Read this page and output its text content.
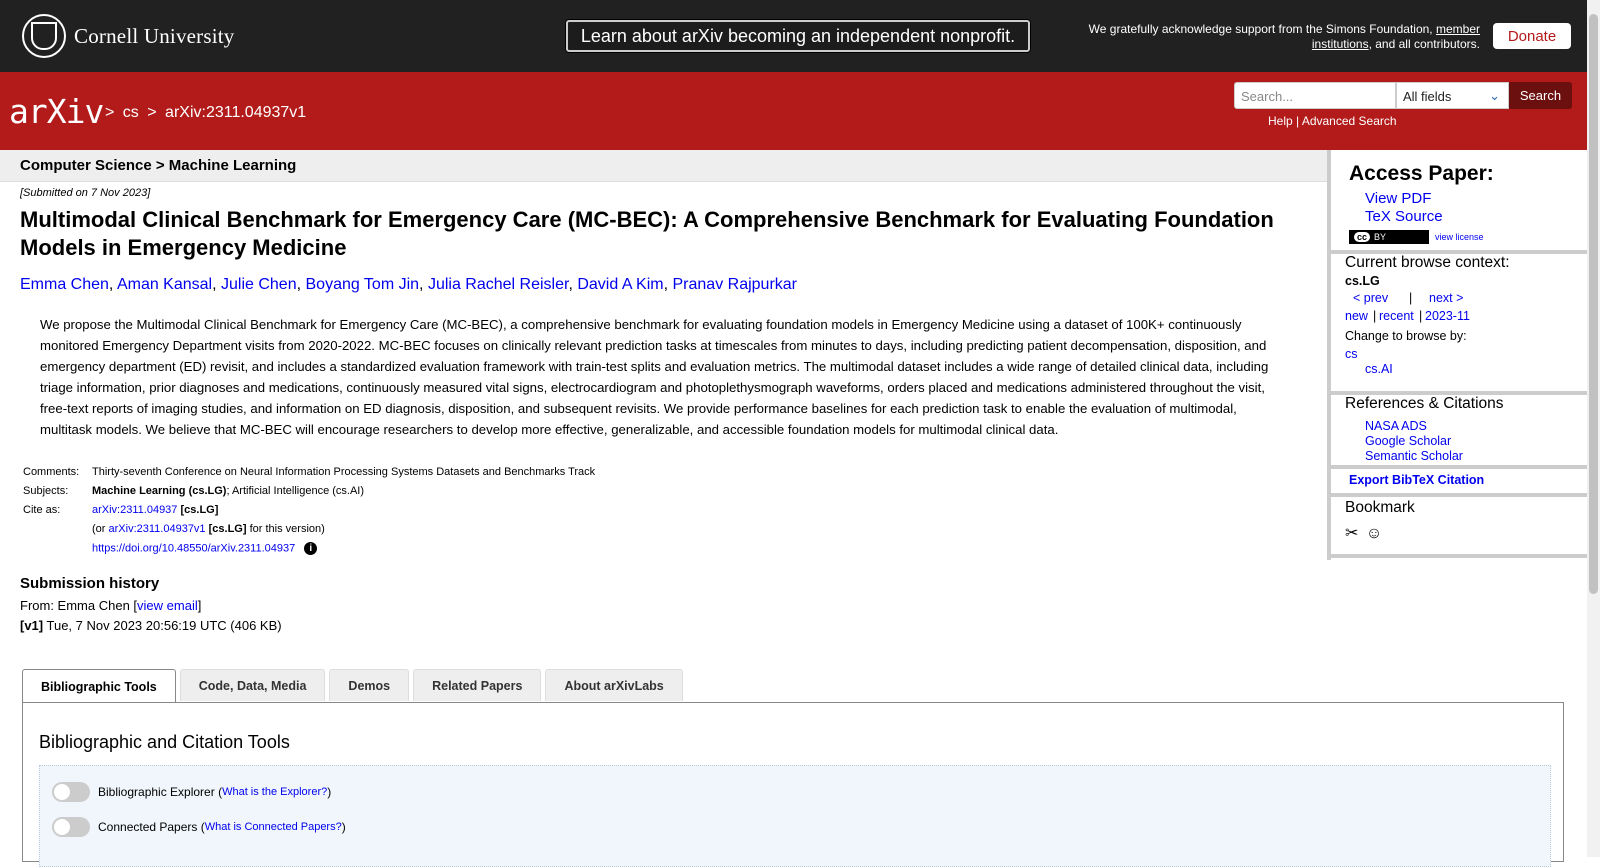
Cornell University	Learn about arXiv becoming an independent nonprofit.	We gratefully acknowledge support from the Simons Foundation, member institutions, and all contributors.	Donate
arXiv > cs > arXiv:2311.04937v1
Search...	All fields	⌄	Search
Help | Advanced Search
Computer Science > Machine Learning
[Submitted on 7 Nov 2023]
Multimodal Clinical Benchmark for Emergency Care (MC-BEC): A Comprehensive Benchmark for Evaluating Foundation Models in Emergency Medicine
Emma Chen, Aman Kansal, Julie Chen, Boyang Tom Jin, Julia Rachel Reisler, David A Kim, Pranav Rajpurkar
We propose the Multimodal Clinical Benchmark for Emergency Care (MC-BEC), a comprehensive benchmark for evaluating foundation models in Emergency Medicine using a dataset of 100K+ continuously monitored Emergency Department visits from 2020-2022. MC-BEC focuses on clinically relevant prediction tasks at timescales from minutes to days, including predicting patient decompensation, disposition, and emergency department (ED) revisit, and includes a standardized evaluation framework with train-test splits and evaluation metrics. The multimodal dataset includes a wide range of detailed clinical data, including triage information, prior diagnoses and medications, continuously measured vital signs, electrocardiogram and photoplethysmograph waveforms, orders placed and medications administered throughout the visit, free-text reports of imaging studies, and information on ED diagnosis, disposition, and subsequent revisits. We provide performance baselines for each prediction task to enable the evaluation of multimodal, multitask models. We believe that MC-BEC will encourage researchers to develop more effective, generalizable, and accessible foundation models for multimodal clinical data.
Comments:	Thirty-seventh Conference on Neural Information Processing Systems Datasets and Benchmarks Track
Subjects:	Machine Learning (cs.LG); Artificial Intelligence (cs.AI)
Cite as:	arXiv:2311.04937 [cs.LG]
	(or arXiv:2311.04937v1 [cs.LG] for this version)
	https://doi.org/10.48550/arXiv.2311.04937 i
Submission history
From: Emma Chen [view email]
[v1] Tue, 7 Nov 2023 20:56:19 UTC (406 KB)
Bibliographic Tools	Code, Data, Media	Demos	Related Papers	About arXivLabs
Bibliographic and Citation Tools
Bibliographic Explorer ( What is the Explorer? )
Connected Papers ( What is Connected Papers? )
Access Paper:
View PDF
TeX Source
cc BY	view license
Current browse context:
cs.LG
< prev | next >
new | recent | 2023-11
Change to browse by:
cs
cs.AI
References & Citations
NASA ADS
Google Scholar
Semantic Scholar
Export BibTeX Citation
Bookmark
✂ ☺
